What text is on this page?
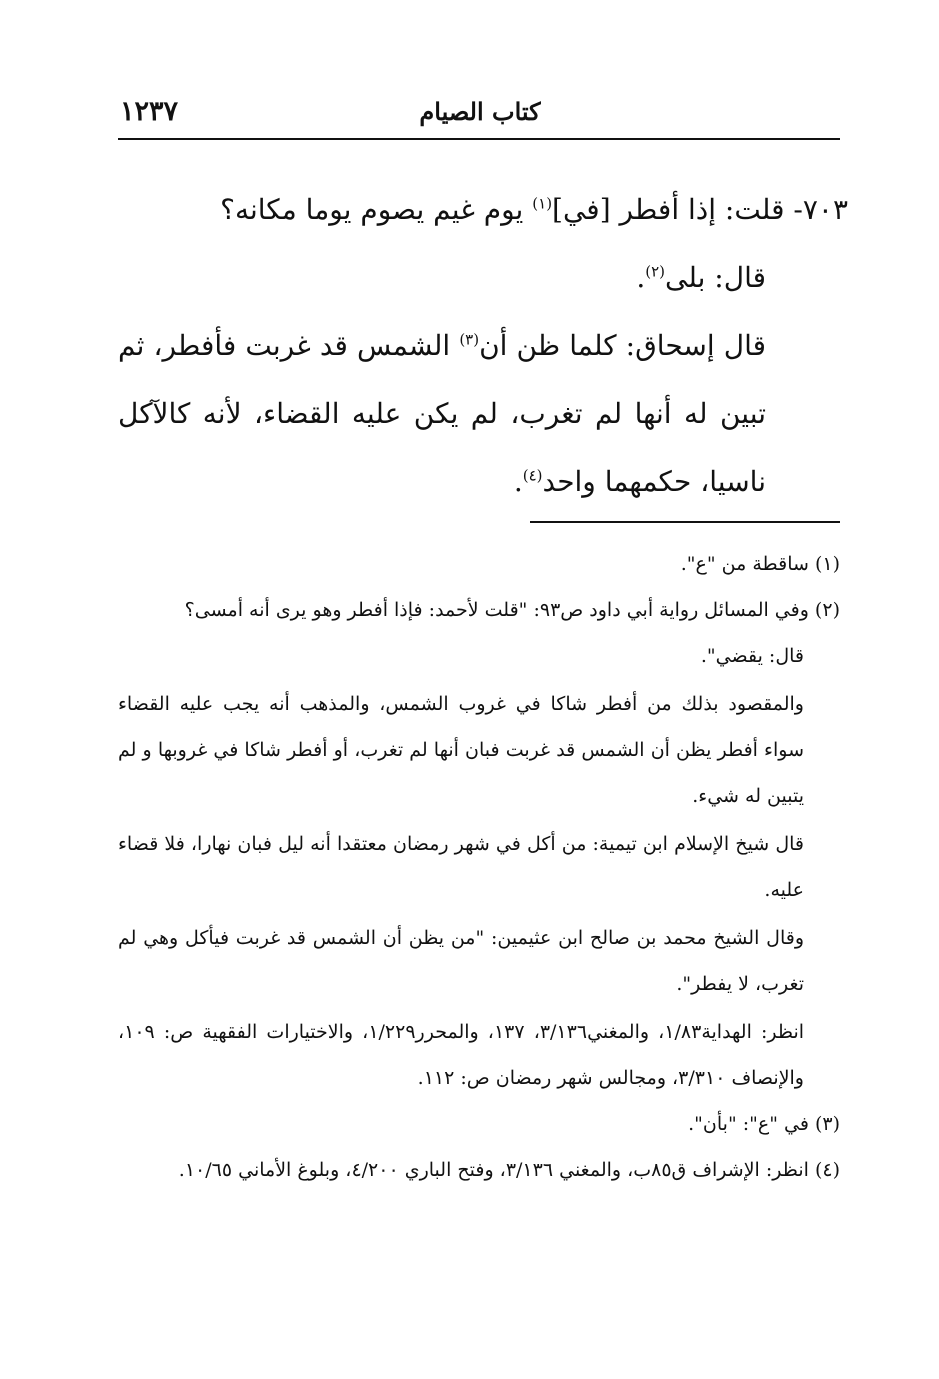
١٢٣٧	كتاب الصيام

٧٠٣- قلت: إذا أفطر [في]$^{(١)}$ يوم غيم يصوم يوما مكانه؟

قال: بلى$^{(٢)}$.

قال إسحاق: كلما ظن أن$^{(٣)}$ الشمس قد غربت فأفطر، ثم تبين له أنها لم تغرب، لم يكن عليه القضاء، لأنه كالآكل ناسيا، حكمهما واحد$^{(٤)}$.

(١) ساقطة من "ع".

(٢) وفي المسائل رواية أبي داود ص٩٣: "قلت لأحمد: فإذا أفطر وهو يرى أنه أمسى؟

قال: يقضي".

والمقصود بذلك من أفطر شاكا في غروب الشمس، والمذهب أنه يجب عليه القضاء سواء أفطر يظن أن الشمس قد غربت فبان أنها لم تغرب، أو أفطر شاكا في غروبها و لم يتبين له شيء.

قال شيخ الإسلام ابن تيمية: من أكل في شهر رمضان معتقدا أنه ليل فبان نهارا، فلا قضاء عليه.

وقال الشيخ محمد بن صالح ابن عثيمين: "من يظن أن الشمس قد غربت فيأكل وهي لم تغرب، لا يفطر".

انظر: الهداية١/٨٣، والمغني٣/١٣٦، ١٣٧، والمحرر١/٢٢٩، والاختيارات الفقهية ص: ١٠٩، والإنصاف ٣/٣١٠، ومجالس شهر رمضان ص: ١١٢.

(٣) في "ع": "بأن".

(٤) انظر: الإشراف ق٨٥ب، والمغني ٣/١٣٦، وفتح الباري ٤/٢٠٠، وبلوغ الأماني ١٠/٦٥.
